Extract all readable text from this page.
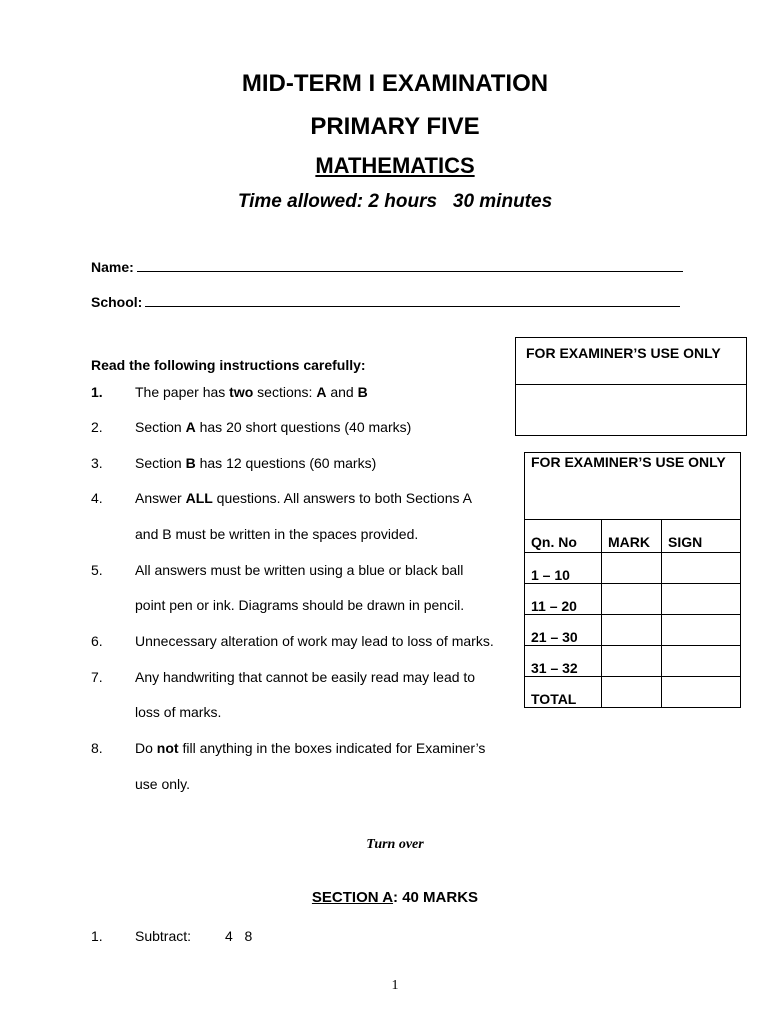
MID-TERM I EXAMINATION
PRIMARY FIVE
MATHEMATICS
Time allowed: 2 hours   30 minutes
Name:
School:
Read the following instructions carefully:
1. The paper has two sections: A and B
2. Section A has 20 short questions (40 marks)
3. Section B has 12 questions (60 marks)
4. Answer ALL questions. All answers to both Sections A
and B must be written in the spaces provided.
5. All answers must be written using a blue or black ball
point pen or ink. Diagrams should be drawn in pencil.
6. Unnecessary alteration of work may lead to loss of marks.
7. Any handwriting that cannot be easily read may lead to
loss of marks.
8. Do not fill anything in the boxes indicated for Examiner’s
use only.
FOR EXAMINER’S USE ONLY
FOR EXAMINER’S USE ONLY		
Qn. No	MARK	SIGN
1 – 10		
11 – 20		
21 – 30		
31 – 32		
TOTAL		
Turn over
SECTION A: 40 MARKS
1. Subtract: 4   8
1
